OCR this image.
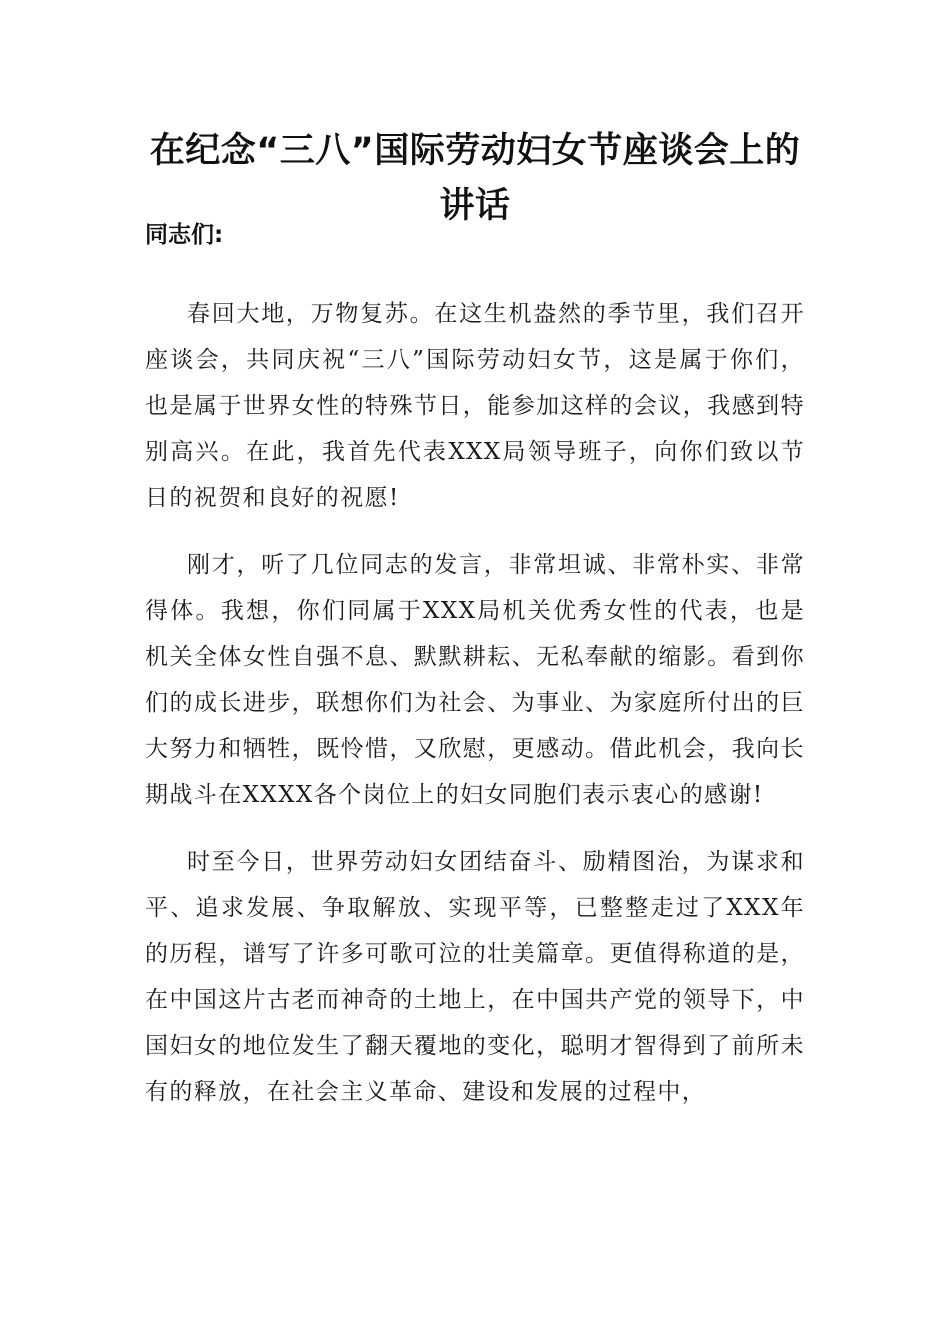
在纪念“三八”国际劳动妇女节座谈会上的讲话
同志们:

春回大地，万物复苏。在这生机盎然的季节里，我们召开座谈会，共同庆祝“三八”国际劳动妇女节，这是属于你们，也是属于世界女性的特殊节日，能参加这样的会议，我感到特别高兴。在此，我首先代表XXX局领导班子，向你们致以节日的祝贺和良好的祝愿!

刚才，听了几位同志的发言，非常坦诚、非常朴实、非常得体。我想，你们同属于XXX局机关优秀女性的代表，也是机关全体女性自强不息、默默耕耘、无私奉献的缩影。看到你们的成长进步，联想你们为社会、为事业、为家庭所付出的巨大努力和牺牲，既怜惜，又欣慰，更感动。借此机会，我向长期战斗在XXXX各个岗位上的妇女同胞们表示衷心的感谢!

时至今日，世界劳动妇女团结奋斗、励精图治，为谋求和平、追求发展、争取解放、实现平等，已整整走过了XXX年的历程，谱写了许多可歌可泣的壮美篇章。更值得称道的是，在中国这片古老而神奇的土地上，在中国共产党的领导下，中国妇女的地位发生了翻天覆地的变化，聪明才智得到了前所未有的释放，在社会主义革命、建设和发展的过程中，
